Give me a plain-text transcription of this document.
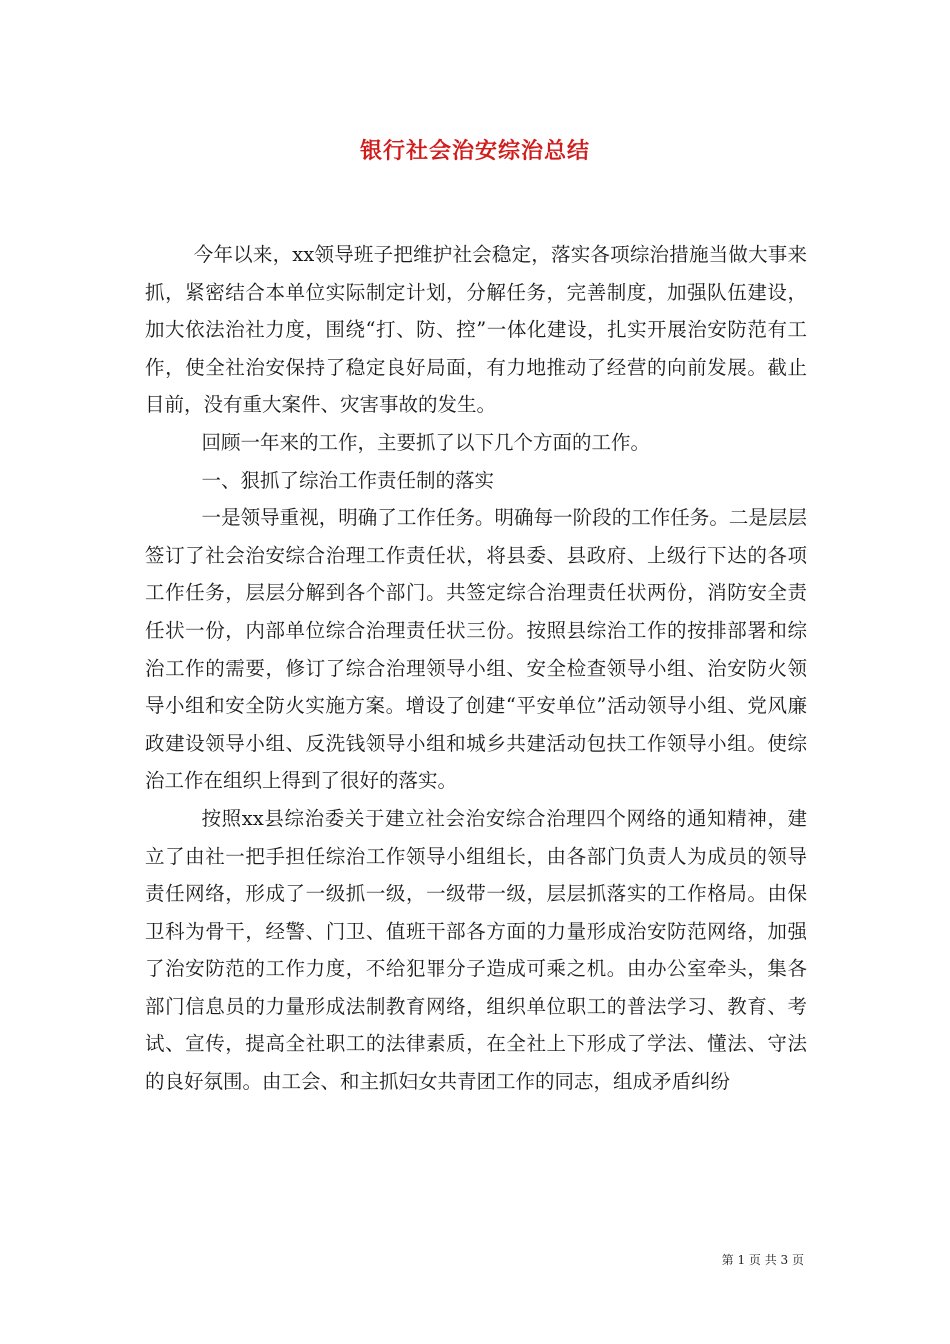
银行社会治安综治总结

今年以来，xx领导班子把维护社会稳定，落实各项综治措施当做大事来抓，紧密结合本单位实际制定计划，分解任务，完善制度，加强队伍建设，加大依法治社力度，围绕“打、防、控”一体化建设，扎实开展治安防范有工作，使全社治安保持了稳定良好局面，有力地推动了经营的向前发展。截止目前，没有重大案件、灾害事故的发生。

回顾一年来的工作，主要抓了以下几个方面的工作。

一、狠抓了综治工作责任制的落实

一是领导重视，明确了工作任务。明确每一阶段的工作任务。二是层层签订了社会治安综合治理工作责任状，将县委、县政府、上级行下达的各项工作任务，层层分解到各个部门。共签定综合治理责任状两份，消防安全责任状一份，内部单位综合治理责任状三份。按照县综治工作的按排部署和综治工作的需要，修订了综合治理领导小组、安全检查领导小组、治安防火领导小组和安全防火实施方案。增设了创建“平安单位”活动领导小组、党风廉政建设领导小组、反洗钱领导小组和城乡共建活动包扶工作领导小组。使综治工作在组织上得到了很好的落实。

按照xx县综治委关于建立社会治安综合治理四个网络的通知精神，建立了由社一把手担任综治工作领导小组组长，由各部门负责人为成员的领导责任网络，形成了一级抓一级，一级带一级，层层抓落实的工作格局。由保卫科为骨干，经警、门卫、值班干部各方面的力量形成治安防范网络，加强了治安防范的工作力度，不给犯罪分子造成可乘之机。由办公室牵头，集各部门信息员的力量形成法制教育网络，组织单位职工的普法学习、教育、考试、宣传，提高全社职工的法律素质，在全社上下形成了学法、懂法、守法的良好氛围。由工会、和主抓妇女共青团工作的同志，组成矛盾纠纷

第 1 页 共 3 页
